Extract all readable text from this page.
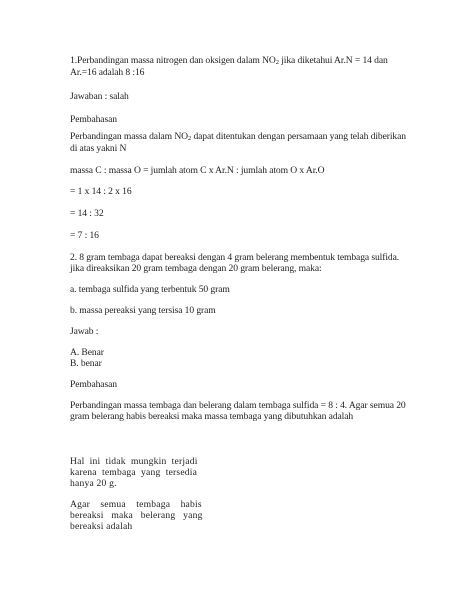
1.Perbandingan massa nitrogen dan oksigen dalam $NO_2$ jika diketahui Ar.N = 14 dan
Ar.=16 adalah 8 :16
Jawaban : salah
Pembahasan
Perbandingan massa dalam $NO_2$ dapat ditentukan dengan persamaan yang telah diberikan
di atas yakni N
massa C : massa O = jumlah atom C x Ar.N : jumlah atom O x Ar.O
= 1 x 14 : 2 x 16
= 14 : 32
= 7 : 16
2. 8 gram tembaga dapat bereaksi dengan 4 gram belerang membentuk tembaga sulfida.
jika direaksikan 20 gram tembaga dengan 20 gram belerang, maka:
a. tembaga sulfida yang terbentuk 50 gram
b. massa pereaksi yang tersisa 10 gram
Jawab :
A. Benar
B. benar
Pembahasan
Perbandingan massa tembaga dan belerang dalam tembaga sulfida = 8 : 4. Agar semua 20
gram belerang habis bereaksi maka massa tembaga yang dibutuhkan adalah
Hal  ini  tidak  mungkin  terjadi
karena  tembaga  yang  tersedia
hanya 20 g.
Agar    semua    tembaga    habis
bereaksi   maka   belerang   yang
bereaksi adalah
